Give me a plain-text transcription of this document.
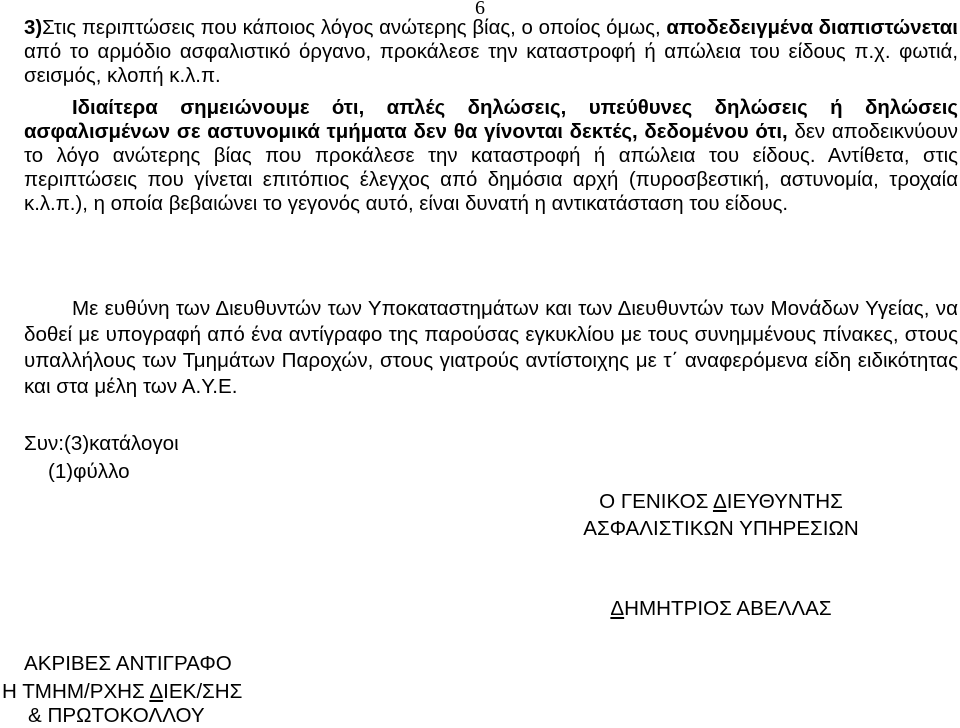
6
3)Στις περιπτώσεις που κάποιος λόγος ανώτερης βίας, ο οποίος όμως, αποδεδειγμένα διαπιστώνεται από το αρμόδιο ασφαλιστικό όργανο, προκάλεσε την καταστροφή ή απώλεια του είδους π.χ. φωτιά, σεισμός, κλοπή κ.λ.π.
Ιδιαίτερα σημειώνουμε ότι, απλές δηλώσεις, υπεύθυνες δηλώσεις ή δηλώσεις ασφαλισμένων σε αστυνομικά τμήματα δεν θα γίνονται δεκτές, δεδομένου ότι, δεν αποδεικνύουν το λόγο ανώτερης βίας που προκάλεσε την καταστροφή ή απώλεια του είδους. Αντίθετα, στις περιπτώσεις που γίνεται επιτόπιος έλεγχος από δημόσια αρχή (πυροσβεστική, αστυνομία, τροχαία κ.λ.π.), η οποία βεβαιώνει το γεγονός αυτό, είναι δυνατή η αντικατάσταση του είδους.
Με ευθύνη των Διευθυντών των Υποκαταστημάτων και των Διευθυντών των Μονάδων Υγείας, να δοθεί με υπογραφή από ένα αντίγραφο της παρούσας εγκυκλίου με τους συνημμένους πίνακες, στους υπαλλήλους των Τμημάτων Παροχών, στους γιατρούς αντίστοιχης με τ΄ αναφερόμενα είδη ειδικότητας και στα μέλη των Α.Υ.Ε.
Συν:(3)κατάλογοι
(1)φύλλο
Ο ΓΕΝΙΚΟΣ ΔΙΕΥΘΥΝΤΗΣ
ΑΣΦΑΛΙΣΤΙΚΩΝ ΥΠΗΡΕΣΙΩΝ
ΔΗΜΗΤΡΙΟΣ ΑΒΕΛΛΑΣ
ΑΚΡΙΒΕΣ ΑΝΤΙΓΡΑΦΟ
Η ΤΜΗΜ/ΡΧΗΣ ΔΙΕΚ/ΣΗΣ
& ΠΡΩΤΟΚΟΛΛΟΥ
